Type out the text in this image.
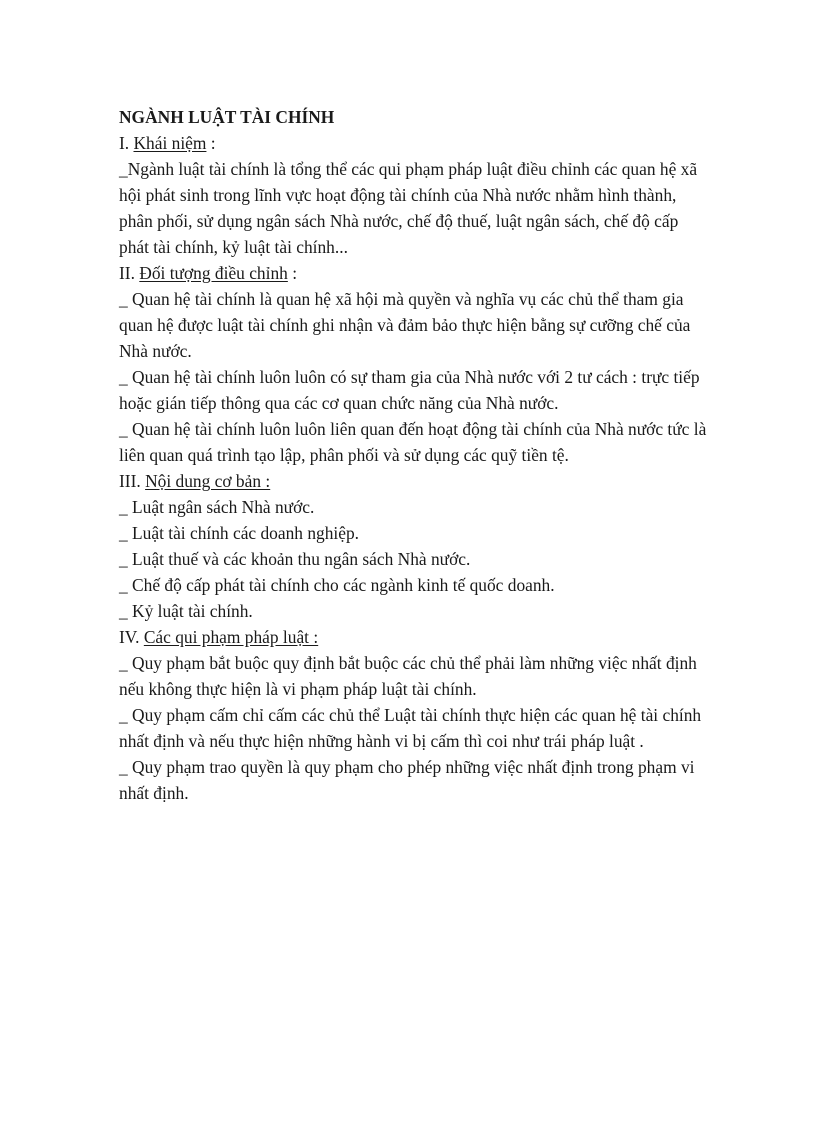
NGÀNH LUẬT TÀI CHÍNH

I. Khái niệm :

_Ngành luật tài chính là tổng thể các qui phạm pháp luật điều chỉnh các quan hệ xã hội phát sinh trong lĩnh vực hoạt động tài chính của Nhà nước nhằm hình thành, phân phối, sử dụng ngân sách Nhà nước, chế độ thuế, luật ngân sách, chế độ cấp phát tài chính, kỷ luật tài chính...

II. Đối tượng điều chỉnh :

_ Quan hệ tài chính là quan hệ xã hội mà quyền và nghĩa vụ các chủ thể tham gia quan hệ được luật tài chính ghi nhận và đảm bảo thực hiện bằng sự cưỡng chế của Nhà nước.

_ Quan hệ tài chính luôn luôn có sự tham gia của Nhà nước với 2 tư cách : trực tiếp hoặc gián tiếp thông qua các cơ quan chức năng của Nhà nước.

_ Quan hệ tài chính luôn luôn liên quan đến hoạt động tài chính của Nhà nước tức là liên quan quá trình tạo lập, phân phối và sử dụng các quỹ tiền tệ.

III. Nội dung cơ bản :

_ Luật ngân sách Nhà nước.

_ Luật tài chính các doanh nghiệp.

_ Luật thuế và các khoản thu ngân sách Nhà nước.

_ Chế độ cấp phát tài chính cho các ngành kinh tế quốc doanh.

_ Kỷ luật tài chính.

IV. Các qui phạm pháp luật :

_ Quy phạm bắt buộc quy định bắt buộc các chủ thể phải làm những việc nhất định nếu không thực hiện là vi phạm pháp luật tài chính.

_ Quy phạm cấm chỉ cấm các chủ thể Luật tài chính thực hiện các quan hệ tài chính nhất định và nếu thực hiện những hành vi bị cấm thì coi như trái pháp luật .

_ Quy phạm trao quyền là quy phạm cho phép những việc nhất định trong phạm vi nhất định.
